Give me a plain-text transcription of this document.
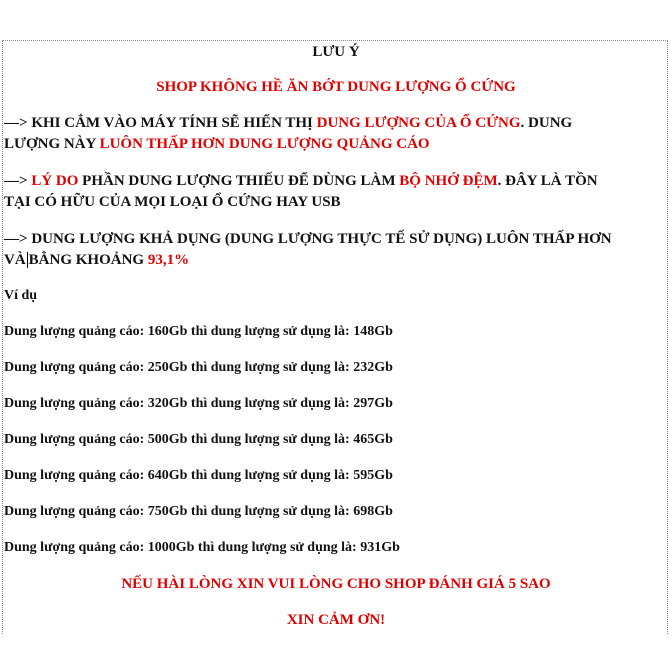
LƯU Ý
SHOP KHÔNG HỀ ĂN BỚT DUNG LƯỢNG Ổ CỨNG
—> KHI CẮM VÀO MÁY TÍNH SẼ HIỂN THỊ DUNG LƯỢNG CỦA Ổ CỨNG. DUNG
LƯỢNG NÀY LUÔN THẤP HƠN DUNG LƯỢNG QUẢNG CÁO
—> LÝ DO PHẦN DUNG LƯỢNG THIẾU ĐỂ DÙNG LÀM BỘ NHỚ ĐỆM. ĐÂY LÀ TỒN
TẠI CÓ HỮU CỦA MỌI LOẠI Ổ CỨNG HAY USB
—> DUNG LƯỢNG KHẢ DỤNG (DUNG LƯỢNG THỰC TẾ SỬ DỤNG) LUÔN THẤP HƠN
VÀ BẰNG KHOẢNG 93,1%
Ví dụ
Dung lượng quảng cáo: 160Gb thì dung lượng sử dụng là: 148Gb
Dung lượng quảng cáo: 250Gb thì dung lượng sử dụng là: 232Gb
Dung lượng quảng cáo: 320Gb thì dung lượng sử dụng là: 297Gb
Dung lượng quảng cáo: 500Gb thì dung lượng sử dụng là: 465Gb
Dung lượng quảng cáo: 640Gb thì dung lượng sử dụng là: 595Gb
Dung lượng quảng cáo: 750Gb thì dung lượng sử dụng là: 698Gb
Dung lượng quảng cáo: 1000Gb thì dung lượng sử dụng là: 931Gb
NẾU HÀI LÒNG XIN VUI LÒNG CHO SHOP ĐÁNH GIÁ 5 SAO
XIN CẢM ƠN!
